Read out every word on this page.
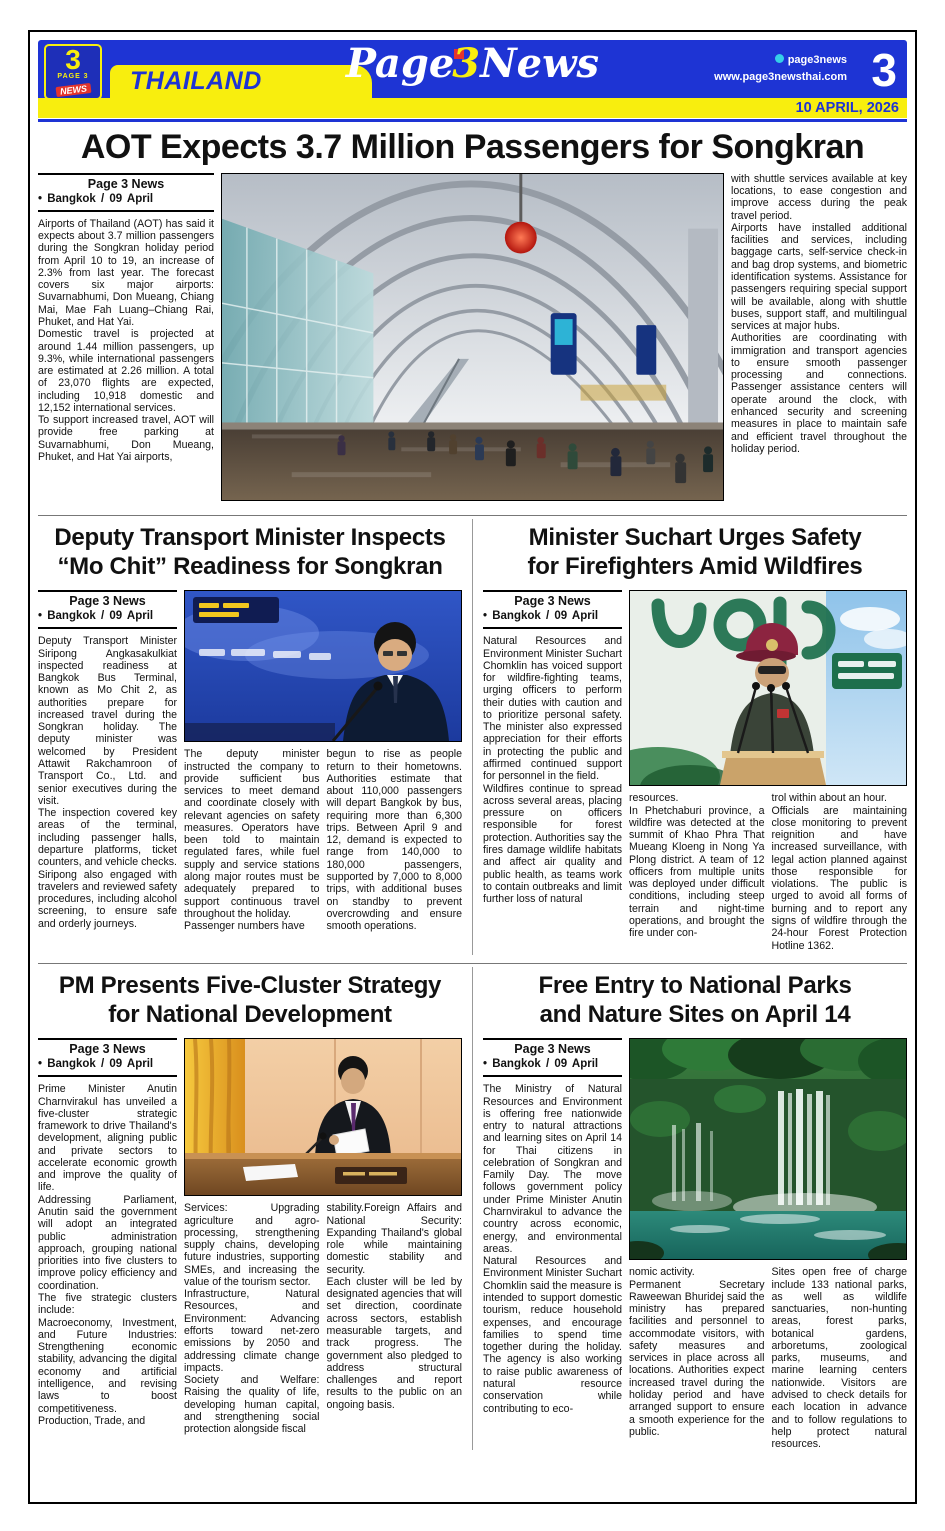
3
PAGE 3
NEWS	THAILAND	Page3News	page3news
www.page3newsthai.com 3
10 APRIL, 2026
AOT Expects 3.7 Million Passengers for Songkran
Page 3 News
• Bangkok / 09 April

Airports of Thailand (AOT) has said it expects about 3.7 million passengers during the Songkran holiday period from April 10 to 19, an increase of 2.3% from last year. The forecast covers six major airports: Suvarnabhumi, Don Mueang, Chiang Mai, Mae Fah Luang–Chiang Rai, Phuket, and Hat Yai.

Domestic travel is projected at around 1.44 million passengers, up 9.3%, while international passengers are estimated at 2.26 million. A total of 23,070 flights are expected, including 10,918 domestic and 12,152 international services.

To support increased travel, AOT will provide free parking at Suvarnabhumi, Don Mueang, Phuket, and Hat Yai airports,

with shuttle services available at key locations, to ease congestion and improve access during the peak travel period.

Airports have installed additional facilities and services, including baggage carts, self-service check-in and bag drop systems, and biometric identification systems. Assistance for passengers requiring special support will be available, along with shuttle buses, support staff, and multilingual services at major hubs.

Authorities are coordinating with immigration and transport agencies to ensure smooth passenger processing and connections. Passenger assistance centers will operate around the clock, with enhanced security and screening measures in place to maintain safe and efficient travel throughout the holiday period.

Deputy Transport Minister Inspects
“Mo Chit” Readiness for Songkran
Page 3 News
• Bangkok / 09 April

Deputy Transport Minister Siripong Angkasakulkiat inspected readiness at Bangkok Bus Terminal, known as Mo Chit 2, as authorities prepare for increased travel during the Songkran holiday. The deputy minister was welcomed by President Attawit Rakchamroon of Transport Co., Ltd. and senior executives during the visit.

The inspection covered key areas of the terminal, including passenger halls, departure platforms, ticket counters, and vehicle checks. Siripong also engaged with travelers and reviewed safety procedures, including alcohol screening, to ensure safe and orderly journeys.

The deputy minister instructed the company to provide sufficient bus services to meet demand and coordinate closely with relevant agencies on safety measures. Operators have been told to maintain regulated fares, while fuel supply and service stations along major routes must be adequately prepared to support continuous travel throughout the holiday.

Passenger numbers have

begun to rise as people return to their hometowns. Authorities estimate that about 110,000 passengers will depart Bangkok by bus, requiring more than 6,300 trips. Between April 9 and 12, demand is expected to range from 140,000 to 180,000 passengers, supported by 7,000 to 8,000 trips, with additional buses on standby to prevent overcrowding and ensure smooth operations.

Minister Suchart Urges Safety
for Firefighters Amid Wildfires
Page 3 News
• Bangkok / 09 April

Natural Resources and Environment Minister Suchart Chomklin has voiced support for wildfire-fighting teams, urging officers to perform their duties with caution and to prioritize personal safety. The minister also expressed appreciation for their efforts in protecting the public and affirmed continued support for personnel in the field.

Wildfires continue to spread across several areas, placing pressure on officers responsible for forest protection. Authorities say the fires damage wildlife habitats and affect air quality and public health, as teams work to contain outbreaks and limit further loss of natural

resources.

In Phetchaburi province, a wildfire was detected at the summit of Khao Phra That Mueang Kloeng in Nong Ya Plong district. A team of 12 officers from multiple units was deployed under difficult conditions, including steep terrain and night-time operations, and brought the fire under con-

trol within about an hour.

Officials are maintaining close monitoring to prevent reignition and have increased surveillance, with legal action planned against those responsible for violations. The public is urged to avoid all forms of burning and to report any signs of wildfire through the 24-hour Forest Protection Hotline 1362.

PM Presents Five-Cluster Strategy
for National Development
Page 3 News
• Bangkok / 09 April

Prime Minister Anutin Charnvirakul has unveiled a five-cluster strategic framework to drive Thailand's development, aligning public and private sectors to accelerate economic growth and improve the quality of life.

Addressing Parliament, Anutin said the government will adopt an integrated public administration approach, grouping national priorities into five clusters to improve policy efficiency and coordination.

The five strategic clusters include:

Macroeconomy, Investment, and Future Industries: Strengthening economic stability, advancing the digital economy and artificial intelligence, and revising laws to boost competitiveness.

Production, Trade, and

Services: Upgrading agriculture and agro-processing, strengthening supply chains, developing future industries, supporting SMEs, and increasing the value of the tourism sector.

Infrastructure, Natural Resources, and Environment: Advancing efforts toward net-zero emissions by 2050 and addressing climate change impacts.

Society and Welfare: Raising the quality of life, developing human capital, and strengthening social protection alongside fiscal

stability.Foreign Affairs and National Security: Expanding Thailand's global role while maintaining domestic stability and security.

Each cluster will be led by designated agencies that will set direction, coordinate across sectors, establish measurable targets, and track progress. The government also pledged to address structural challenges and report results to the public on an ongoing basis.

Free Entry to National Parks
and Nature Sites on April 14
Page 3 News
• Bangkok / 09 April

The Ministry of Natural Resources and Environment is offering free nationwide entry to natural attractions and learning sites on April 14 for Thai citizens in celebration of Songkran and Family Day. The move follows government policy under Prime Minister Anutin Charnvirakul to advance the country across economic, energy, and environmental areas.

Natural Resources and Environment Minister Suchart Chomklin said the measure is intended to support domestic tourism, reduce household expenses, and encourage families to spend time together during the holiday. The agency is also working to raise public awareness of natural resource conservation while contributing to eco-

nomic activity.

Permanent Secretary Raweewan Bhuridej said the ministry has prepared facilities and personnel to accommodate visitors, with safety measures and services in place across all locations. Authorities expect increased travel during the holiday period and have arranged support to ensure a smooth experience for the public.

Sites open free of charge include 133 national parks, as well as wildlife sanctuaries, non-hunting areas, forest parks, botanical gardens, arboretums, zoological parks, museums, and marine learning centers nationwide. Visitors are advised to check details for each location in advance and to follow regulations to help protect natural resources.
